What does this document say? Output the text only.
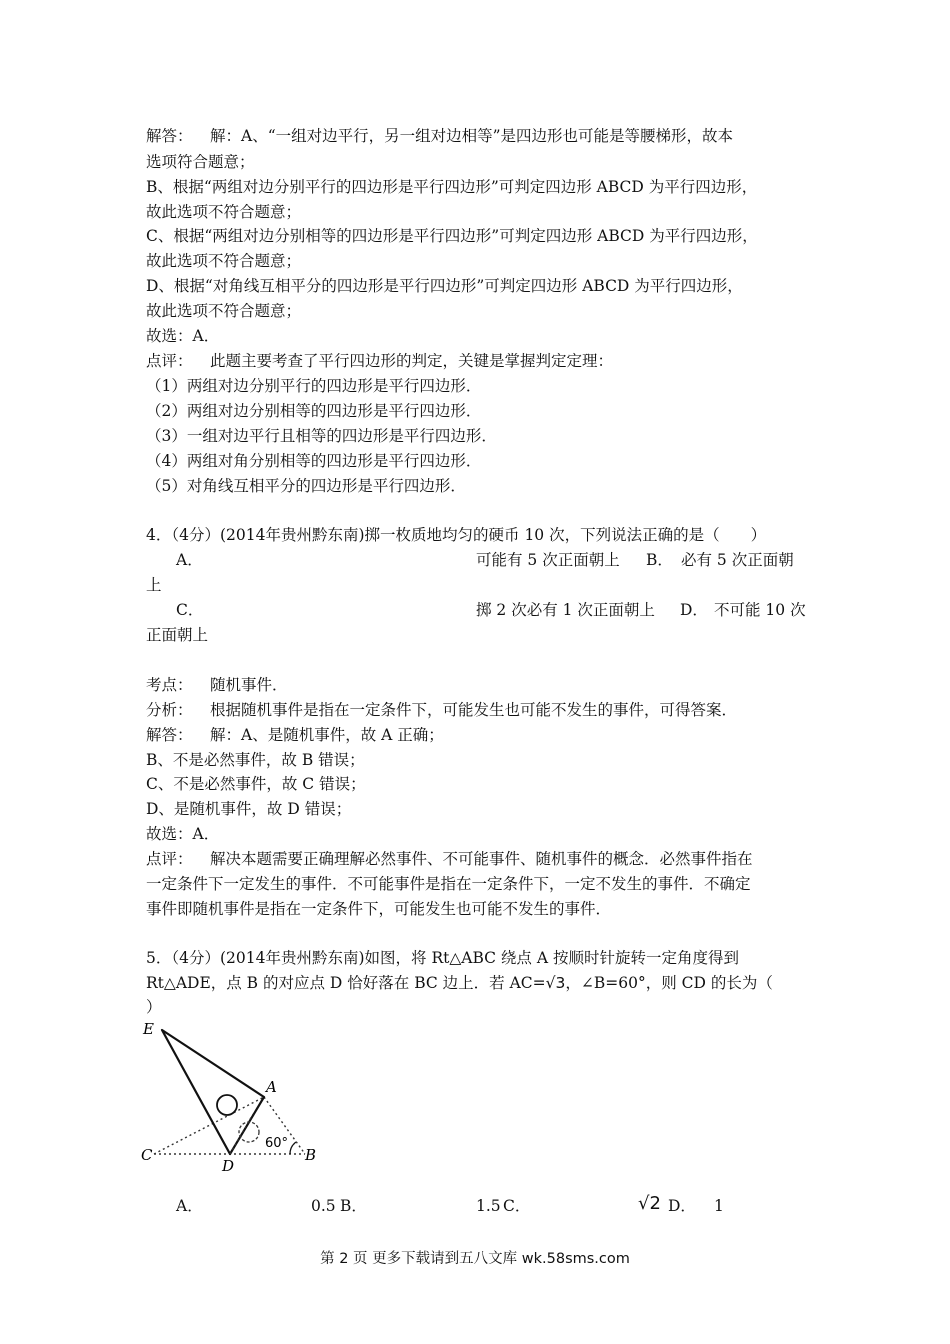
解答： 解：A、“一组对边平行，另一组对边相等”是四边形也可能是等腰梯形，故本
选项符合题意；
B、根据“两组对边分别平行的四边形是平行四边形”可判定四边形 ABCD 为平行四边形，
故此选项不符合题意；
C、根据“两组对边分别相等的四边形是平行四边形”可判定四边形 ABCD 为平行四边形，
故此选项不符合题意；
D、根据“对角线互相平分的四边形是平行四边形”可判定四边形 ABCD 为平行四边形，
故此选项不符合题意；
故选：A．
点评： 此题主要考查了平行四边形的判定，关键是掌握判定定理：
（1）两组对边分别平行的四边形是平行四边形．
（2）两组对边分别相等的四边形是平行四边形．
（3）一组对边平行且相等的四边形是平行四边形．
（4）两组对角分别相等的四边形是平行四边形．
（5）对角线互相平分的四边形是平行四边形．
4．（4分）(2014年贵州黔东南)掷一枚质地均匀的硬币 10 次，下列说法正确的是（　　）
A．	可能有 5 次正面朝上 B． 必有 5 次正面朝
上
C．	掷 2 次必有 1 次正面朝上 D． 不可能 10 次
正面朝上
考点： 随机事件．
分析： 根据随机事件是指在一定条件下，可能发生也可能不发生的事件，可得答案．
解答： 解：A、是随机事件，故 A 正确；
B、不是必然事件，故 B 错误；
C、不是必然事件，故 C 错误；
D、是随机事件，故 D 错误；
故选：A．
点评： 解决本题需要正确理解必然事件、不可能事件、随机事件的概念．必然事件指在
一定条件下一定发生的事件．不可能事件是指在一定条件下，一定不发生的事件．不确定
事件即随机事件是指在一定条件下，可能发生也可能不发生的事件．
5．（4分）(2014年贵州黔东南)如图，将 Rt△ABC 绕点 A 按顺时针旋转一定角度得到
Rt△ADE，点 B 的对应点 D 恰好落在 BC 边上．若 AC=√3，∠B=60°，则 CD 的长为（
）
E
A
C
D
B
60°
A．	0.5 B．	1.5 C．	√2 D． 1
第 2 页 更多下载请到五八文库 wk.58sms.com
